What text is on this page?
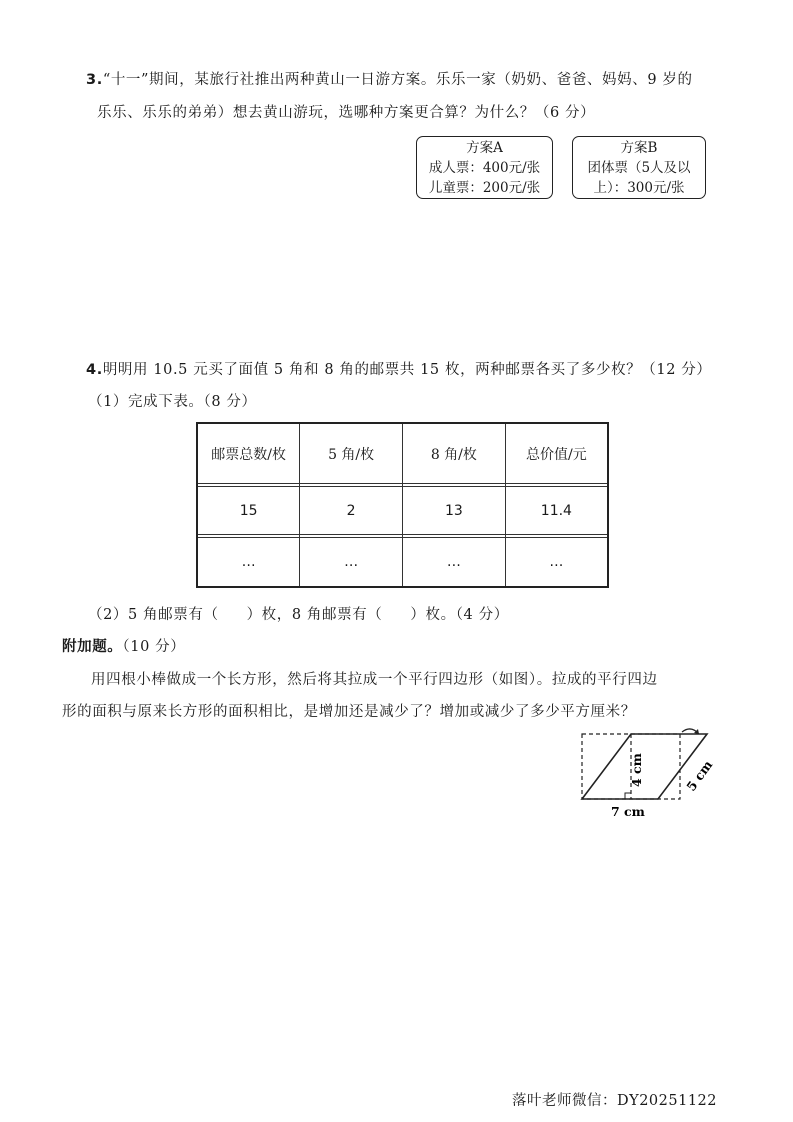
3.“十一”期间，某旅行社推出两种黄山一日游方案。乐乐一家（奶奶、爸爸、妈妈、9 岁的
乐乐、乐乐的弟弟）想去黄山游玩，选哪种方案更合算？为什么？（6 分）
方案A
成人票：400元/张
儿童票：200元/张
方案B
团体票（5人及以
上）：300元/张
4.明明用 10.5 元买了面值 5 角和 8 角的邮票共 15 枚，两种邮票各买了多少枚？（12 分）
（1）完成下表。（8 分）
邮票总数/枚	5 角/枚	8 角/枚	总价值/元

15	2	13	11.4

…	…	…	…
（2）5 角邮票有（ ）枚，8 角邮票有（ ）枚。（4 分）
附加题。（10 分）
用四根小棒做成一个长方形，然后将其拉成一个平行四边形（如图）。拉成的平行四边
形的面积与原来长方形的面积相比，是增加还是减少了？增加或减少了多少平方厘米？
4 cm	5 cm
7 cm
落叶老师微信：DY20251122
